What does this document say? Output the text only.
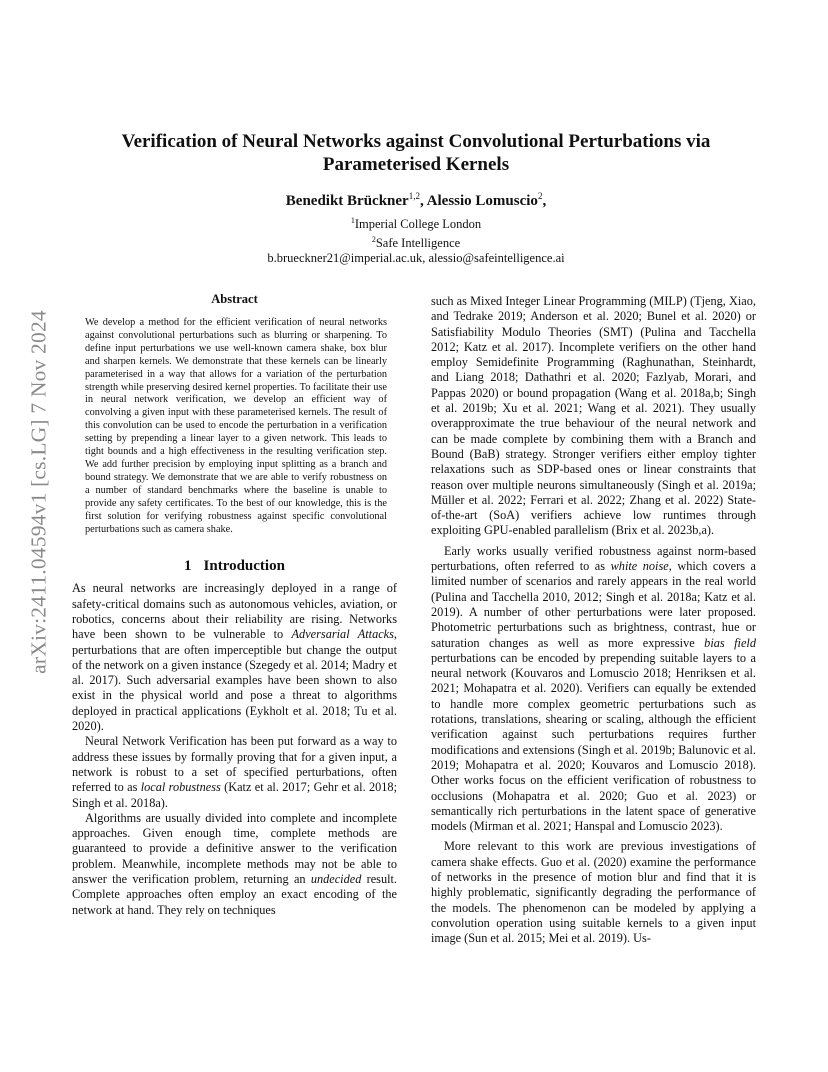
arXiv:2411.04594v1 [cs.LG] 7 Nov 2024
Verification of Neural Networks against Convolutional Perturbations via
Parameterised Kernels
Benedikt Brückner$^{1,2}$, Alessio Lomuscio$^2$,
$^1$Imperial College London
$^2$Safe Intelligence
b.brueckner21@imperial.ac.uk, alessio@safeintelligence.ai
Abstract

We develop a method for the efficient verification of neural networks against convolutional perturbations such as blurring or sharpening. To define input perturbations we use well-known camera shake, box blur and sharpen kernels. We demonstrate that these kernels can be linearly parameterised in a way that allows for a variation of the perturbation strength while preserving desired kernel properties. To facilitate their use in neural network verification, we develop an efficient way of convolving a given input with these parameterised kernels. The result of this convolution can be used to encode the perturbation in a verification setting by prepending a linear layer to a given network. This leads to tight bounds and a high effectiveness in the resulting verification step. We add further precision by employing input splitting as a branch and bound strategy. We demonstrate that we are able to verify robustness on a number of standard benchmarks where the baseline is unable to provide any safety certificates. To the best of our knowledge, this is the first solution for verifying robustness against specific convolutional perturbations such as camera shake.

1 Introduction

As neural networks are increasingly deployed in a range of safety-critical domains such as autonomous vehicles, aviation, or robotics, concerns about their reliability are rising. Networks have been shown to be vulnerable to Adversarial Attacks, perturbations that are often imperceptible but change the output of the network on a given instance (Szegedy et al. 2014; Madry et al. 2017). Such adversarial examples have been shown to also exist in the physical world and pose a threat to algorithms deployed in practical applications (Eykholt et al. 2018; Tu et al. 2020).

Neural Network Verification has been put forward as a way to address these issues by formally proving that for a given input, a network is robust to a set of specified perturbations, often referred to as local robustness (Katz et al. 2017; Gehr et al. 2018; Singh et al. 2018a).

Algorithms are usually divided into complete and incomplete approaches. Given enough time, complete methods are guaranteed to provide a definitive answer to the verification problem. Meanwhile, incomplete methods may not be able to answer the verification problem, returning an undecided result. Complete approaches often employ an exact encoding of the network at hand. They rely on techniques

such as Mixed Integer Linear Programming (MILP) (Tjeng, Xiao, and Tedrake 2019; Anderson et al. 2020; Bunel et al. 2020) or Satisfiability Modulo Theories (SMT) (Pulina and Tacchella 2012; Katz et al. 2017). Incomplete verifiers on the other hand employ Semidefinite Programming (Raghunathan, Steinhardt, and Liang 2018; Dathathri et al. 2020; Fazlyab, Morari, and Pappas 2020) or bound propagation (Wang et al. 2018a,b; Singh et al. 2019b; Xu et al. 2021; Wang et al. 2021). They usually overapproximate the true behaviour of the neural network and can be made complete by combining them with a Branch and Bound (BaB) strategy. Stronger verifiers either employ tighter relaxations such as SDP-based ones or linear constraints that reason over multiple neurons simultaneously (Singh et al. 2019a; Müller et al. 2022; Ferrari et al. 2022; Zhang et al. 2022) State-of-the-art (SoA) verifiers achieve low runtimes through exploiting GPU-enabled parallelism (Brix et al. 2023b,a).

Early works usually verified robustness against norm-based perturbations, often referred to as white noise, which covers a limited number of scenarios and rarely appears in the real world (Pulina and Tacchella 2010, 2012; Singh et al. 2018a; Katz et al. 2019). A number of other perturbations were later proposed. Photometric perturbations such as brightness, contrast, hue or saturation changes as well as more expressive bias field perturbations can be encoded by prepending suitable layers to a neural network (Kouvaros and Lomuscio 2018; Henriksen et al. 2021; Mohapatra et al. 2020). Verifiers can equally be extended to handle more complex geometric perturbations such as rotations, translations, shearing or scaling, although the efficient verification against such perturbations requires further modifications and extensions (Singh et al. 2019b; Balunovic et al. 2019; Mohapatra et al. 2020; Kouvaros and Lomuscio 2018). Other works focus on the efficient verification of robustness to occlusions (Mohapatra et al. 2020; Guo et al. 2023) or semantically rich perturbations in the latent space of generative models (Mirman et al. 2021; Hanspal and Lomuscio 2023).

More relevant to this work are previous investigations of camera shake effects. Guo et al. (2020) examine the performance of networks in the presence of motion blur and find that it is highly problematic, significantly degrading the performance of the models. The phenomenon can be modeled by applying a convolution operation using suitable kernels to a given input image (Sun et al. 2015; Mei et al. 2019). Us-
